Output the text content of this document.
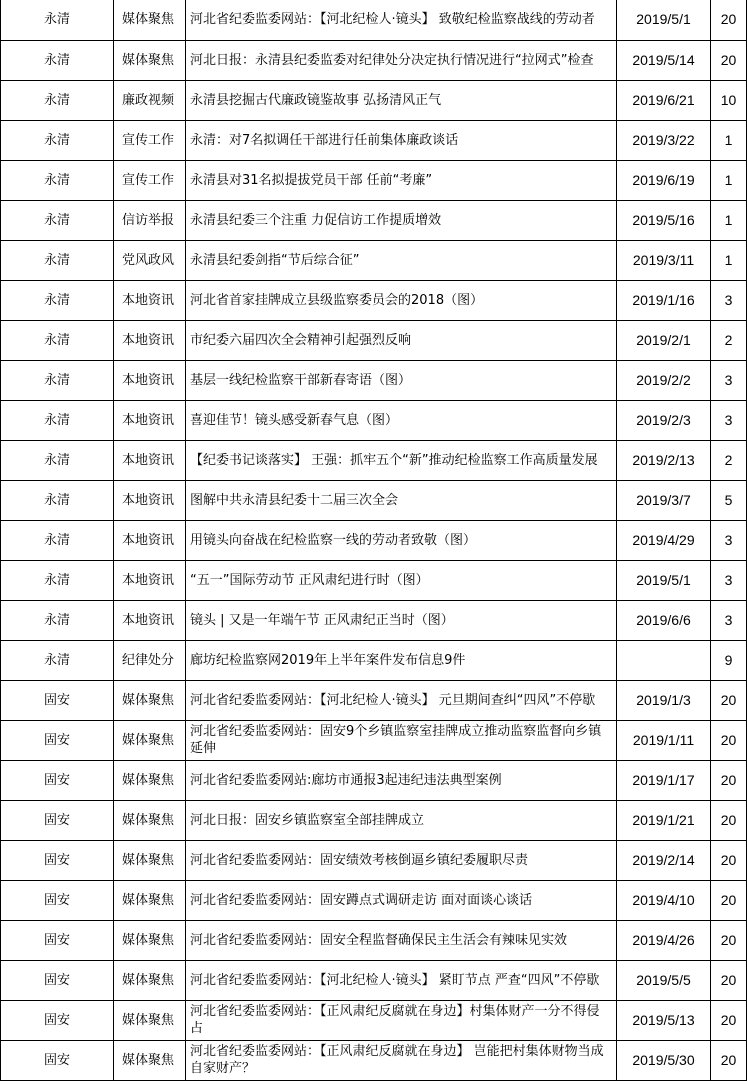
永清	媒体聚焦	河北省纪委监委网站：【河北纪检人·镜头】 致敬纪检监察战线的劳动者	2019/5/1	20
永清	媒体聚焦	河北日报：永清县纪委监委对纪律处分决定执行情况进行“拉网式”检查	2019/5/14	20
永清	廉政视频	永清县挖掘古代廉政镜鉴故事 弘扬清风正气	2019/6/21	10
永清	宣传工作	永清：对7名拟调任干部进行任前集体廉政谈话	2019/3/22	1
永清	宣传工作	永清县对31名拟提拔党员干部 任前“考廉”	2019/6/19	1
永清	信访举报	永清县纪委三个注重 力促信访工作提质增效	2019/5/16	1
永清	党风政风	永清县纪委剑指“节后综合征”	2019/3/11	1
永清	本地资讯	河北省首家挂牌成立县级监察委员会的2018（图）	2019/1/16	3
永清	本地资讯	市纪委六届四次全会精神引起强烈反响	2019/2/1	2
永清	本地资讯	基层一线纪检监察干部新春寄语（图）	2019/2/2	3
永清	本地资讯	喜迎佳节！镜头感受新春气息（图）	2019/2/3	3
永清	本地资讯	【纪委书记谈落实】 王强：抓牢五个“新”推动纪检监察工作高质量发展	2019/2/13	2
永清	本地资讯	图解中共永清县纪委十二届三次全会	2019/3/7	5
永清	本地资讯	用镜头向奋战在纪检监察一线的劳动者致敬（图）	2019/4/29	3
永清	本地资讯	“五一”国际劳动节 正风肃纪进行时（图）	2019/5/1	3
永清	本地资讯	镜头 | 又是一年端午节 正风肃纪正当时（图）	2019/6/6	3
永清	纪律处分	廊坊纪检监察网2019年上半年案件发布信息9件		9
固安	媒体聚焦	河北省纪委监委网站：【河北纪检人·镜头】 元旦期间查纠“四风”不停歇	2019/1/3	20
固安	媒体聚焦	河北省纪委监委网站：固安9个乡镇监察室挂牌成立推动监察监督向乡镇延伸	2019/1/11	20
固安	媒体聚焦	河北省纪委监委网站:廊坊市通报3起违纪违法典型案例	2019/1/17	20
固安	媒体聚焦	河北日报：固安乡镇监察室全部挂牌成立	2019/1/21	20
固安	媒体聚焦	河北省纪委监委网站：固安绩效考核倒逼乡镇纪委履职尽责	2019/2/14	20
固安	媒体聚焦	河北省纪委监委网站：固安蹲点式调研走访 面对面谈心谈话	2019/4/10	20
固安	媒体聚焦	河北省纪委监委网站：固安全程监督确保民主生活会有辣味见实效	2019/4/26	20
固安	媒体聚焦	河北省纪委监委网站：【河北纪检人·镜头】 紧盯节点 严查“四风”不停歇	2019/5/5	20
固安	媒体聚焦	河北省纪委监委网站：【正风肃纪反腐就在身边】村集体财产一分不得侵占	2019/5/13	20
固安	媒体聚焦	河北省纪委监委网站：【正风肃纪反腐就在身边】 岂能把村集体财物当成自家财产？	2019/5/30	20
